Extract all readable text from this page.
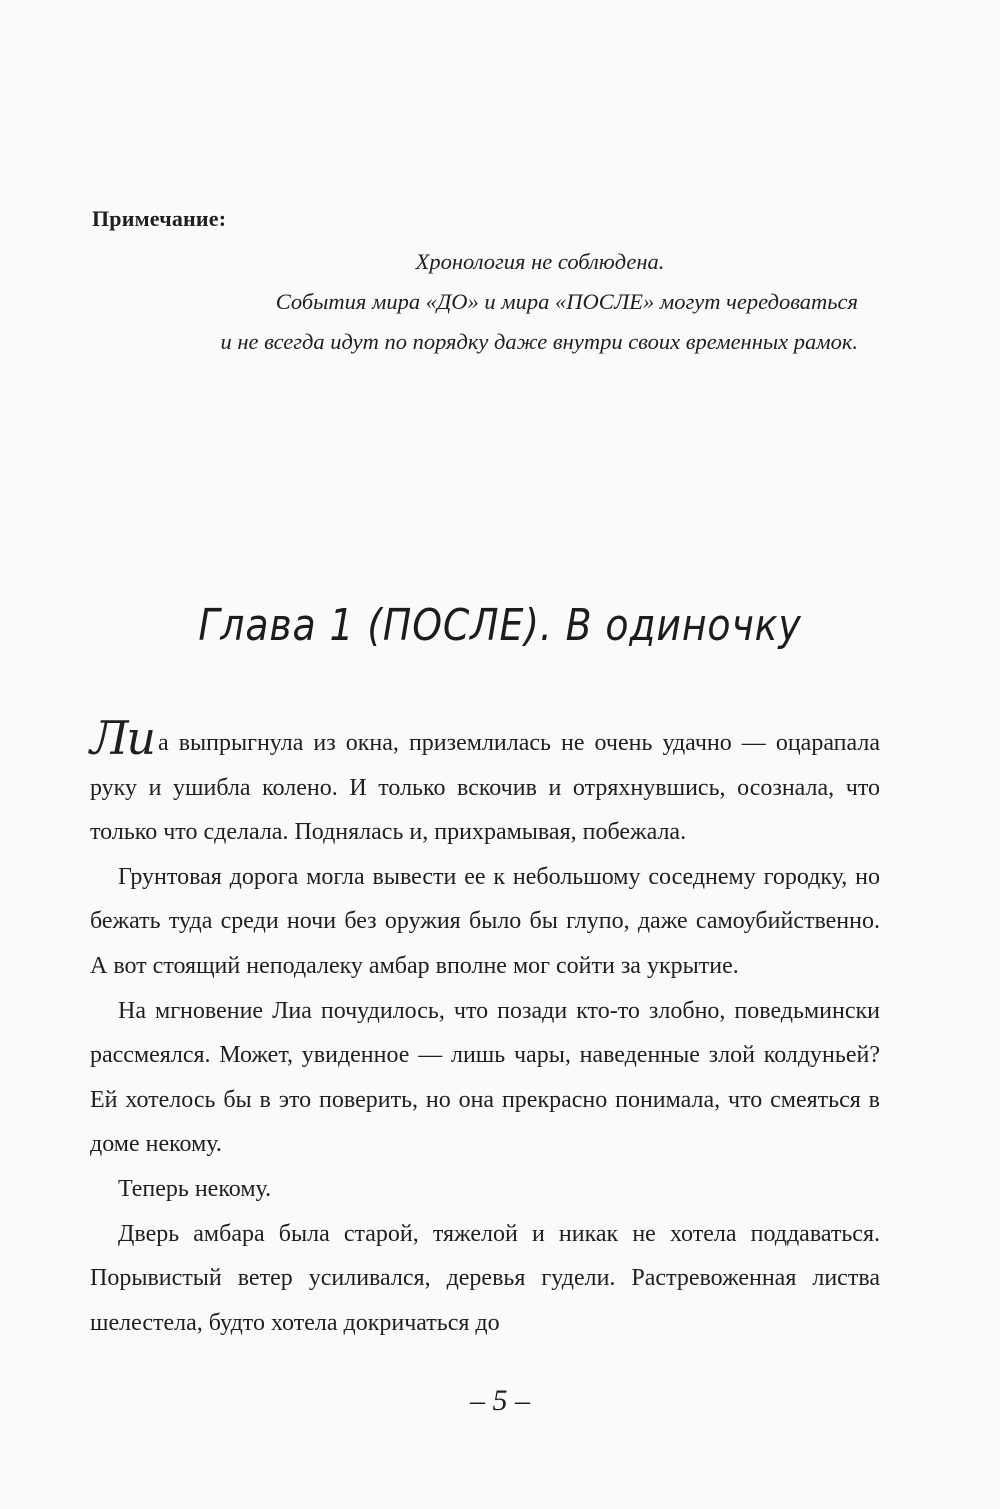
Примечание:

Хронология не соблюдена.

События мира «ДО» и мира «ПОСЛЕ» могут чередоваться

и не всегда идут по порядку даже внутри своих временных рамок.

Глава 1 (ПОСЛЕ). В одиночку

Ли а выпрыгнула из окна, приземлилась не очень удачно — оцарапала руку и ушибла колено. И только вскочив и отряхнувшись, осознала, что только что сделала. Поднялась и, прихрамывая, побежала.

Грунтовая дорога могла вывести ее к небольшому соседнему городку, но бежать туда среди ночи без оружия было бы глупо, даже самоубийственно. А вот стоящий неподалеку амбар вполне мог сойти за укрытие.

На мгновение Лиа почудилось, что позади кто-то злобно, поведьмински рассмеялся. Может, увиденное — лишь чары, наведенные злой колдуньей? Ей хотелось бы в это поверить, но она прекрасно понимала, что смеяться в доме некому.

Теперь некому.

Дверь амбара была старой, тяжелой и никак не хотела поддаваться. Порывистый ветер усиливался, деревья гудели. Растревоженная листва шелестела, будто хотела докричаться до

– 5 –
